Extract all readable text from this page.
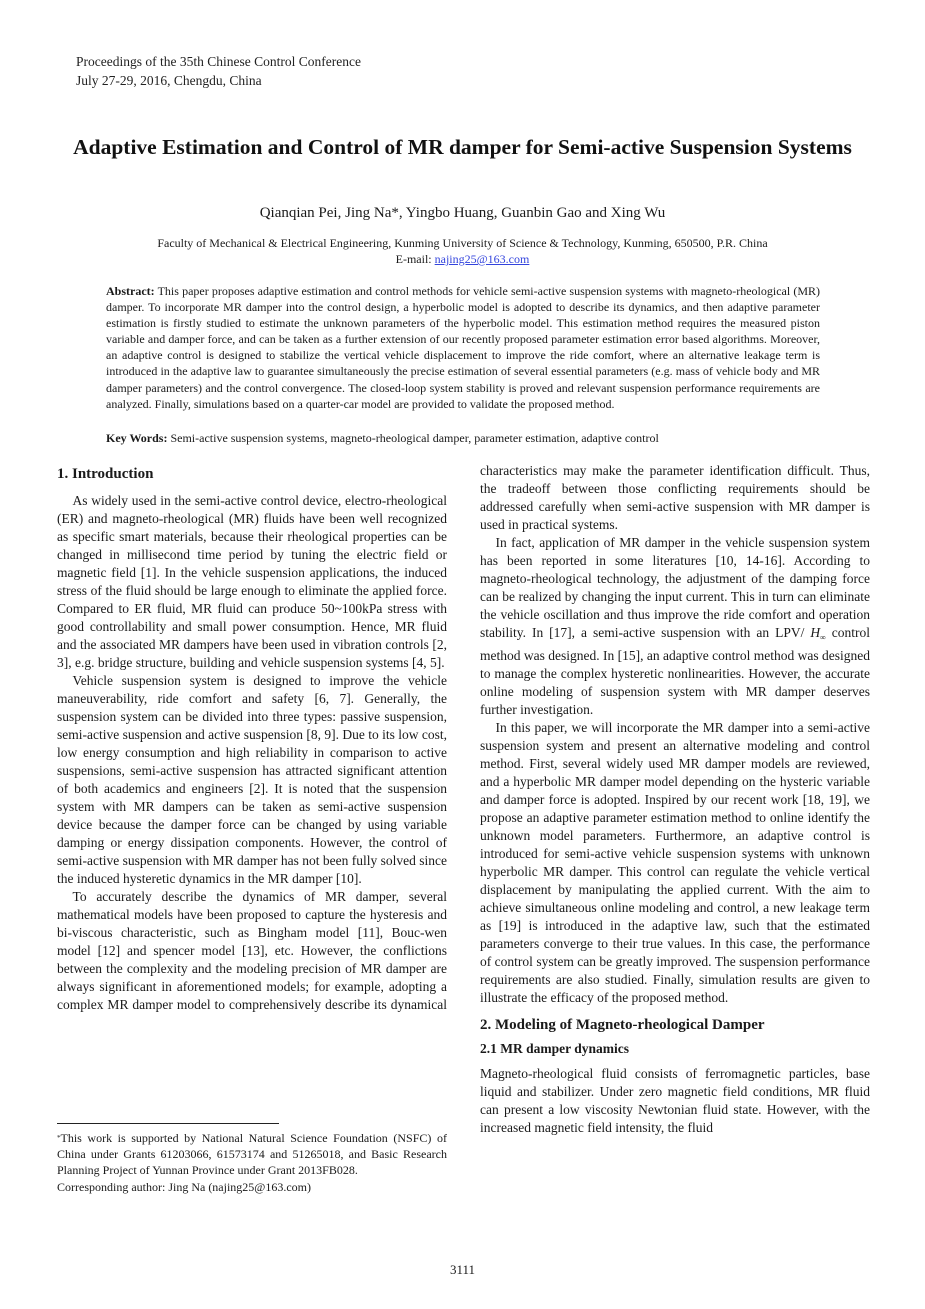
Proceedings of the 35th Chinese Control Conference
July 27-29, 2016, Chengdu, China
Adaptive Estimation and Control of MR damper for Semi-active Suspension Systems
Qianqian Pei, Jing Na*, Yingbo Huang, Guanbin Gao and Xing Wu
Faculty of Mechanical & Electrical Engineering, Kunming University of Science & Technology, Kunming, 650500, P.R. China
E-mail: najing25@163.com
Abstract: This paper proposes adaptive estimation and control methods for vehicle semi-active suspension systems with magneto-rheological (MR) damper. To incorporate MR damper into the control design, a hyperbolic model is adopted to describe its dynamics, and then adaptive parameter estimation is firstly studied to estimate the unknown parameters of the hyperbolic model. This estimation method requires the measured piston variable and damper force, and can be taken as a further extension of our recently proposed parameter estimation error based algorithms. Moreover, an adaptive control is designed to stabilize the vertical vehicle displacement to improve the ride comfort, where an alternative leakage term is introduced in the adaptive law to guarantee simultaneously the precise estimation of several essential parameters (e.g. mass of vehicle body and MR damper parameters) and the control convergence. The closed-loop system stability is proved and relevant suspension performance requirements are analyzed. Finally, simulations based on a quarter-car model are provided to validate the proposed method.
Key Words: Semi-active suspension systems, magneto-rheological damper, parameter estimation, adaptive control
1. Introduction

As widely used in the semi-active control device, electro-rheological (ER) and magneto-rheological (MR) fluids have been well recognized as specific smart materials, because their rheological properties can be changed in millisecond time period by tuning the electric field or magnetic field [1]. In the vehicle suspension applications, the induced stress of the fluid should be large enough to eliminate the applied force. Compared to ER fluid, MR fluid can produce 50~100kPa stress with good controllability and small power consumption. Hence, MR fluid and the associated MR dampers have been used in vibration controls [2, 3], e.g. bridge structure, building and vehicle suspension systems [4, 5].

Vehicle suspension system is designed to improve the vehicle maneuverability, ride comfort and safety [6, 7]. Generally, the suspension system can be divided into three types: passive suspension, semi-active suspension and active suspension [8, 9]. Due to its low cost, low energy consumption and high reliability in comparison to active suspensions, semi-active suspension has attracted significant attention of both academics and engineers [2]. It is noted that the suspension system with MR dampers can be taken as semi-active suspension device because the damper force can be changed by using variable damping or energy dissipation components. However, the control of semi-active suspension with MR damper has not been fully solved since the induced hysteretic dynamics in the MR damper [10].

To accurately describe the dynamics of MR damper, several mathematical models have been proposed to capture the hysteresis and bi-viscous characteristic, such as Bingham model [11], Bouc-wen model [12] and spencer model [13], etc. However, the conflictions between the complexity and the modeling precision of MR damper are always significant in aforementioned models; for example, adopting a complex MR damper model to comprehensively describe its dynamical

*This work is supported by National Natural Science Foundation (NSFC) of China under Grants 61203066, 61573174 and 51265018, and Basic Research Planning Project of Yunnan Province under Grant 2013FB028.
Corresponding author: Jing Na (najing25@163.com)

characteristics may make the parameter identification difficult. Thus, the tradeoff between those conflicting requirements should be addressed carefully when semi-active suspension with MR damper is used in practical systems.

In fact, application of MR damper in the vehicle suspension system has been reported in some literatures [10, 14-16]. According to magneto-rheological technology, the adjustment of the damping force can be realized by changing the input current. This in turn can eliminate the vehicle oscillation and thus improve the ride comfort and operation stability. In [17], a semi-active suspension with an LPV/ $H_\infty$ control method was designed. In [15], an adaptive control method was designed to manage the complex hysteretic nonlinearities. However, the accurate online modeling of suspension system with MR damper deserves further investigation.

In this paper, we will incorporate the MR damper into a semi-active suspension system and present an alternative modeling and control method. First, several widely used MR damper models are reviewed, and a hyperbolic MR damper model depending on the hysteric variable and damper force is adopted. Inspired by our recent work [18, 19], we propose an adaptive parameter estimation method to online identify the unknown model parameters. Furthermore, an adaptive control is introduced for semi-active vehicle suspension systems with unknown hyperbolic MR damper. This control can regulate the vehicle vertical displacement by manipulating the applied current. With the aim to achieve simultaneous online modeling and control, a new leakage term as [19] is introduced in the adaptive law, such that the estimated parameters converge to their true values. In this case, the performance of control system can be greatly improved. The suspension performance requirements are also studied. Finally, simulation results are given to illustrate the efficacy of the proposed method.

2. Modeling of Magneto-rheological Damper
2.1 MR damper dynamics

Magneto-rheological fluid consists of ferromagnetic particles, base liquid and stabilizer. Under zero magnetic field conditions, MR fluid can present a low viscosity Newtonian fluid state. However, with the increased magnetic field intensity, the fluid

3111
